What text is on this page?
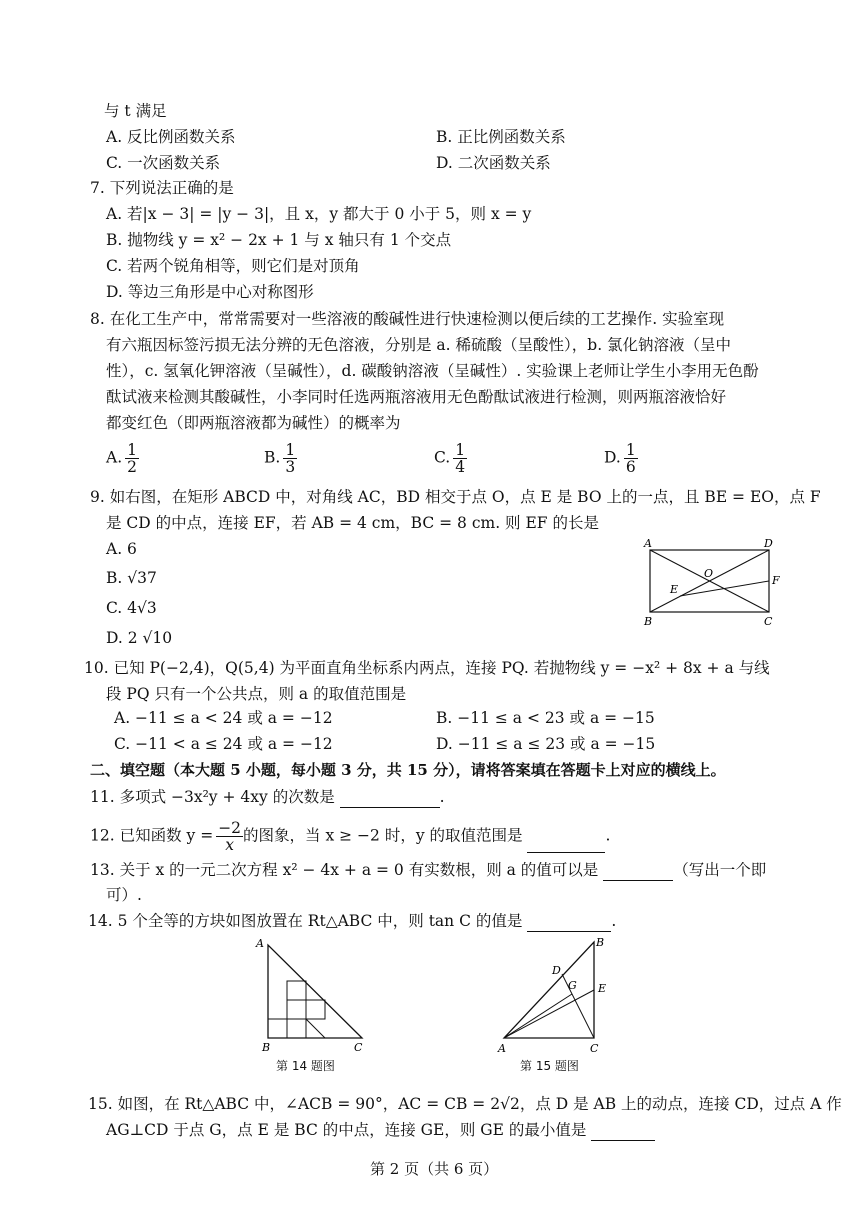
与 t 满足
A. 反比例函数关系	B. 正比例函数关系
C. 一次函数关系	D. 二次函数关系
7. 下列说法正确的是
A. 若|x − 3| = |y − 3|，且 x，y 都大于 0 小于 5，则 x = y
B. 抛物线 y = x² − 2x + 1 与 x 轴只有 1 个交点
C. 若两个锐角相等，则它们是对顶角
D. 等边三角形是中心对称图形
8. 在化工生产中，常常需要对一些溶液的酸碱性进行快速检测以便后续的工艺操作. 实验室现
有六瓶因标签污损无法分辨的无色溶液，分别是 a. 稀硫酸（呈酸性），b. 氯化钠溶液（呈中
性），c. 氢氧化钾溶液（呈碱性），d. 碳酸钠溶液（呈碱性）. 实验课上老师让学生小李用无色酚
酞试液来检测其酸碱性，小李同时任选两瓶溶液用无色酚酞试液进行检测，则两瓶溶液恰好
都变红色（即两瓶溶液都为碱性）的概率为
A. $\frac{1}{2}$	B. $\frac{1}{3}$	C. $\frac{1}{4}$	D. $\frac{1}{6}$
9. 如右图，在矩形 ABCD 中，对角线 AC，BD 相交于点 O，点 E 是 BO 上的一点，且 BE = EO，点 F
是 CD 的中点，连接 EF，若 AB = 4 cm，BC = 8 cm. 则 EF 的长是
A. 6
B. √37
C. 4√3
D. 2 √10
A	D
B	C
O
E
F
10. 已知 P(−2,4)，Q(5,4) 为平面直角坐标系内两点，连接 PQ. 若抛物线 y = −x² + 8x + a 与线
段 PQ 只有一个公共点，则 a 的取值范围是
A. −11 ≤ a < 24 或 a = −12	B. −11 ≤ a < 23 或 a = −15
C. −11 < a ≤ 24 或 a = −12	D. −11 ≤ a ≤ 23 或 a = −15
二、填空题（本大题 5 小题，每小题 3 分，共 15 分），请将答案填在答题卡上对应的横线上。
11. 多项式 −3x²y + 4xy 的次数是	.
12. 已知函数 $y = \frac{-2}{x}$ 的图象，当 x ≥ −2 时，y 的取值范围是	.
13. 关于 x 的一元二次方程 x² − 4x + a = 0 有实数根，则 a 的值可以是	（写出一个即
可）.
14. 5 个全等的方块如图放置在 Rt△ABC 中，则 tan C 的值是	.
A
B	C
第 14 题图
B
D
G E
A	C
第 15 题图
15. 如图，在 Rt△ABC 中，∠ACB = 90°，AC = CB = 2√2，点 D 是 AB 上的动点，连接 CD，过点 A 作
AG⊥CD 于点 G，点 E 是 BC 的中点，连接 GE，则 GE 的最小值是
第 2 页（共 6 页）
